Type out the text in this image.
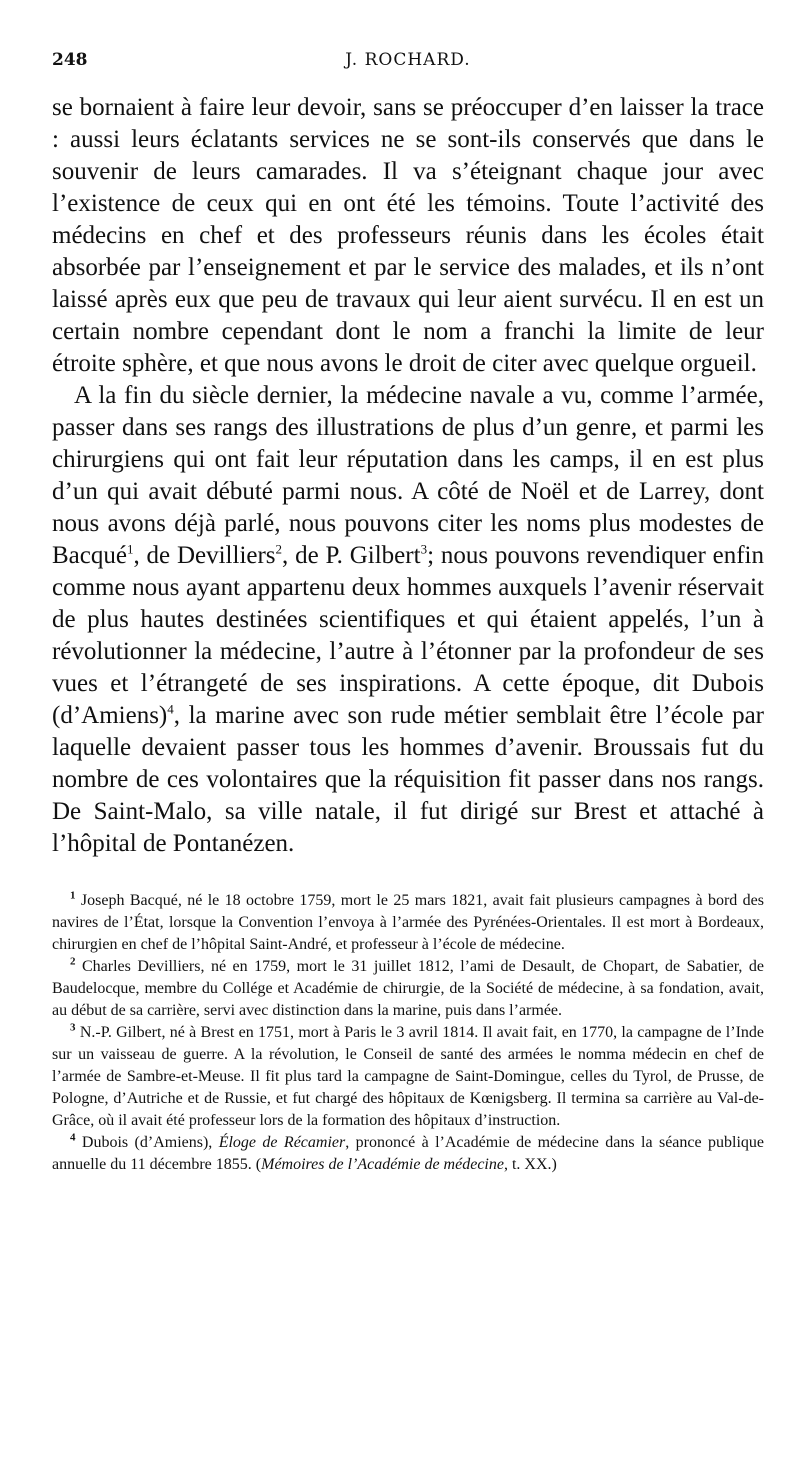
248	J. ROCHARD.

se bornaient à faire leur devoir, sans se préoccuper d’en laisser la trace : aussi leurs éclatants services ne se sont-ils conservés que dans le souvenir de leurs camarades. Il va s’éteignant chaque jour avec l’existence de ceux qui en ont été les témoins. Toute l’activité des médecins en chef et des professeurs réunis dans les écoles était absorbée par l’enseignement et par le service des malades, et ils n’ont laissé après eux que peu de travaux qui leur aient survécu. Il en est un certain nombre cependant dont le nom a franchi la limite de leur étroite sphère, et que nous avons le droit de citer avec quelque orgueil.

A la fin du siècle dernier, la médecine navale a vu, comme l’armée, passer dans ses rangs des illustrations de plus d’un genre, et parmi les chirurgiens qui ont fait leur réputation dans les camps, il en est plus d’un qui avait débuté parmi nous. A côté de Noël et de Larrey, dont nous avons déjà parlé, nous pouvons citer les noms plus modestes de Bacqué$^1$, de Devilliers$^2$, de P. Gilbert$^3$; nous pouvons revendiquer enfin comme nous ayant appartenu deux hommes auxquels l’avenir réservait de plus hautes destinées scientifiques et qui étaient appelés, l’un à révolutionner la médecine, l’autre à l’étonner par la profondeur de ses vues et l’étrangeté de ses inspirations. A cette époque, dit Dubois (d’Amiens)$^4$, la marine avec son rude métier semblait être l’école par laquelle devaient passer tous les hommes d’avenir. Broussais fut du nombre de ces volontaires que la réquisition fit passer dans nos rangs. De Saint-Malo, sa ville natale, il fut dirigé sur Brest et attaché à l’hôpital de Pontanézen.

$^1$ Joseph Bacqué, né le 18 octobre 1759, mort le 25 mars 1821, avait fait plusieurs campagnes à bord des navires de l’État, lorsque la Convention l’envoya à l’armée des Pyrénées-Orientales. Il est mort à Bordeaux, chirurgien en chef de l’hôpital Saint-André, et professeur à l’école de médecine.

$^2$ Charles Devilliers, né en 1759, mort le 31 juillet 1812, l’ami de Desault, de Chopart, de Sabatier, de Baudelocque, membre du Collége et Académie de chirurgie, de la Société de médecine, à sa fondation, avait, au début de sa carrière, servi avec distinction dans la marine, puis dans l’armée.

$^3$ N.-P. Gilbert, né à Brest en 1751, mort à Paris le 3 avril 1814. Il avait fait, en 1770, la campagne de l’Inde sur un vaisseau de guerre. A la révolution, le Conseil de santé des armées le nomma médecin en chef de l’armée de Sambre-et-Meuse. Il fit plus tard la campagne de Saint-Domingue, celles du Tyrol, de Prusse, de Pologne, d’Autriche et de Russie, et fut chargé des hôpitaux de Kœnigsberg. Il termina sa carrière au Val-de-Grâce, où il avait été professeur lors de la formation des hôpitaux d’instruction.

$^4$ Dubois (d’Amiens), Éloge de Récamier, prononcé à l’Académie de médecine dans la séance publique annuelle du 11 décembre 1855. (Mémoires de l’Académie de médecine, t. XX.)
